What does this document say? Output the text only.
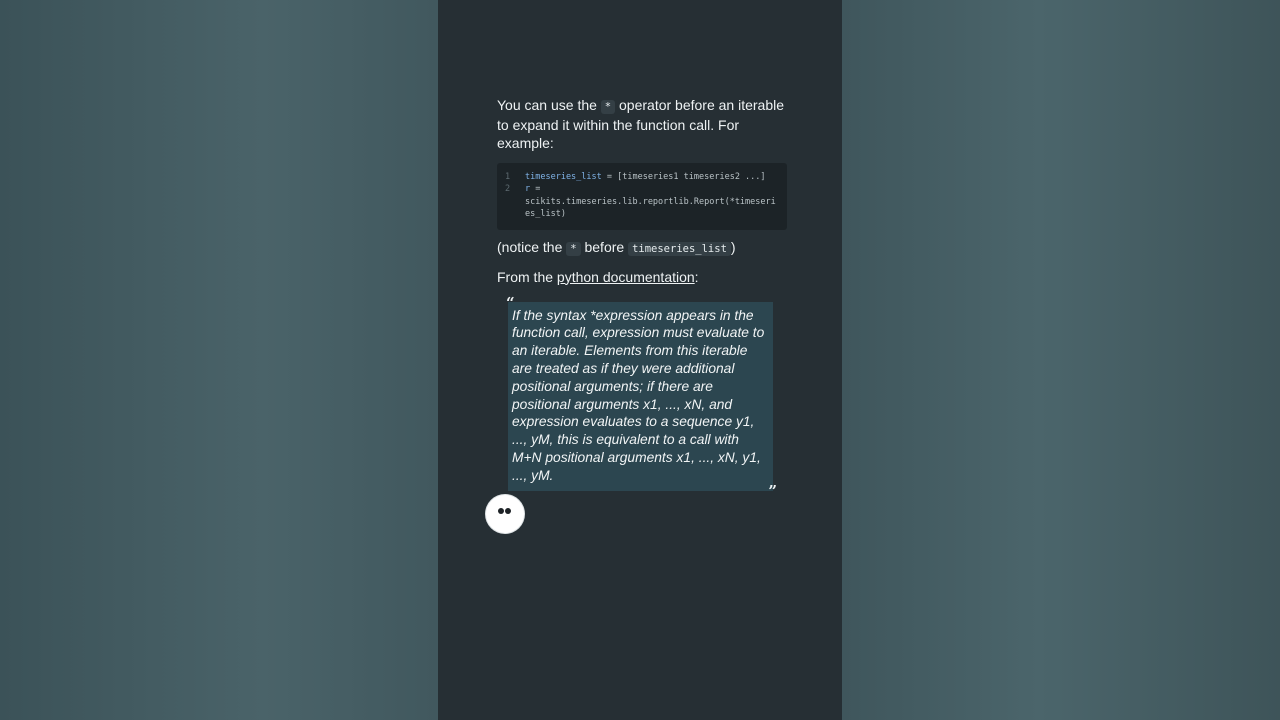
You can use the * operator before an iterable to expand it within the function call. For example:

1
2
timeseries_list = [timeseries1 timeseries2 ...]
r =
scikits.timeseries.lib.reportlib.Report(*timeseries_list)

(notice the * before timeseries_list )

From the python documentation:

“
If the syntax *expression appears in the function call, expression must evaluate to an iterable. Elements from this iterable are treated as if they were additional positional arguments; if there are positional arguments x1, ..., xN, and expression evaluates to a sequence y1, ..., yM, this is equivalent to a call with M+N positional arguments x1, ..., xN, y1, ..., yM.
”
